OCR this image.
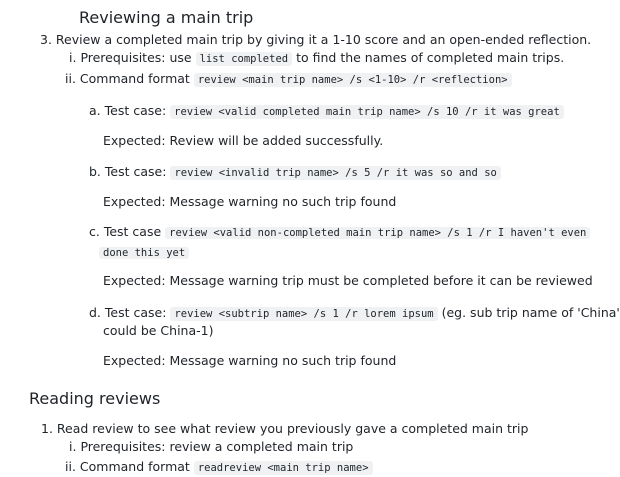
Reviewing a main trip
3. Review a completed main trip by giving it a 1-10 score and an open-ended reflection.
i. Prerequisites: use list completed to find the names of completed main trips.
ii. Command format review <main trip name> /s <1-10> /r <reflection>
a. Test case: review <valid completed main trip name> /s 10 /r it was great
Expected: Review will be added successfully.
b. Test case: review <invalid trip name> /s 5 /r it was so and so
Expected: Message warning no such trip found
c. Test case review <valid non-completed main trip name> /s 1 /r I haven't even
done this yet
Expected: Message warning trip must be completed before it can be reviewed
d. Test case: review <subtrip name> /s 1 /r lorem ipsum (eg. sub trip name of 'China'
could be China-1)
Expected: Message warning no such trip found
Reading reviews
1. Read review to see what review you previously gave a completed main trip
i. Prerequisites: review a completed main trip
ii. Command format readreview <main trip name>
